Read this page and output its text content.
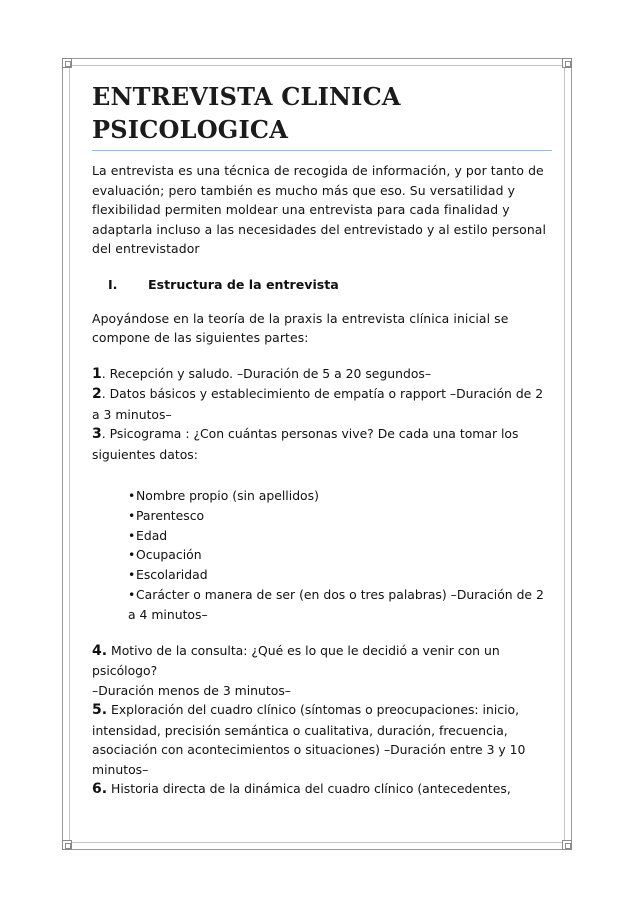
ENTREVISTA CLINICA
PSICOLOGICA
La entrevista es una técnica de recogida de información, y por tanto de
evaluación; pero también es mucho más que eso. Su versatilidad y
flexibilidad permiten moldear una entrevista para cada finalidad y
adaptarla incluso a las necesidades del entrevistado y al estilo personal
del entrevistador
I.	Estructura de la entrevista
Apoyándose en la teoría de la praxis la entrevista clínica inicial se
compone de las siguientes partes:
1. Recepción y saludo. –Duración de 5 a 20 segundos–
2. Datos básicos y establecimiento de empatía o rapport –Duración de 2
a 3 minutos–
3. Psicograma : ¿Con cuántas personas vive? De cada una tomar los
siguientes datos:
•Nombre propio (sin apellidos)
•Parentesco
•Edad
•Ocupación
•Escolaridad
•Carácter o manera de ser (en dos o tres palabras) –Duración de 2
a 4 minutos–
4. Motivo de la consulta: ¿Qué es lo que le decidió a venir con un
psicólogo?
–Duración menos de 3 minutos–
5. Exploración del cuadro clínico (síntomas o preocupaciones: inicio,
intensidad, precisión semántica o cualitativa, duración, frecuencia,
asociación con acontecimientos o situaciones) –Duración entre 3 y 10
minutos–
6. Historia directa de la dinámica del cuadro clínico (antecedentes,
